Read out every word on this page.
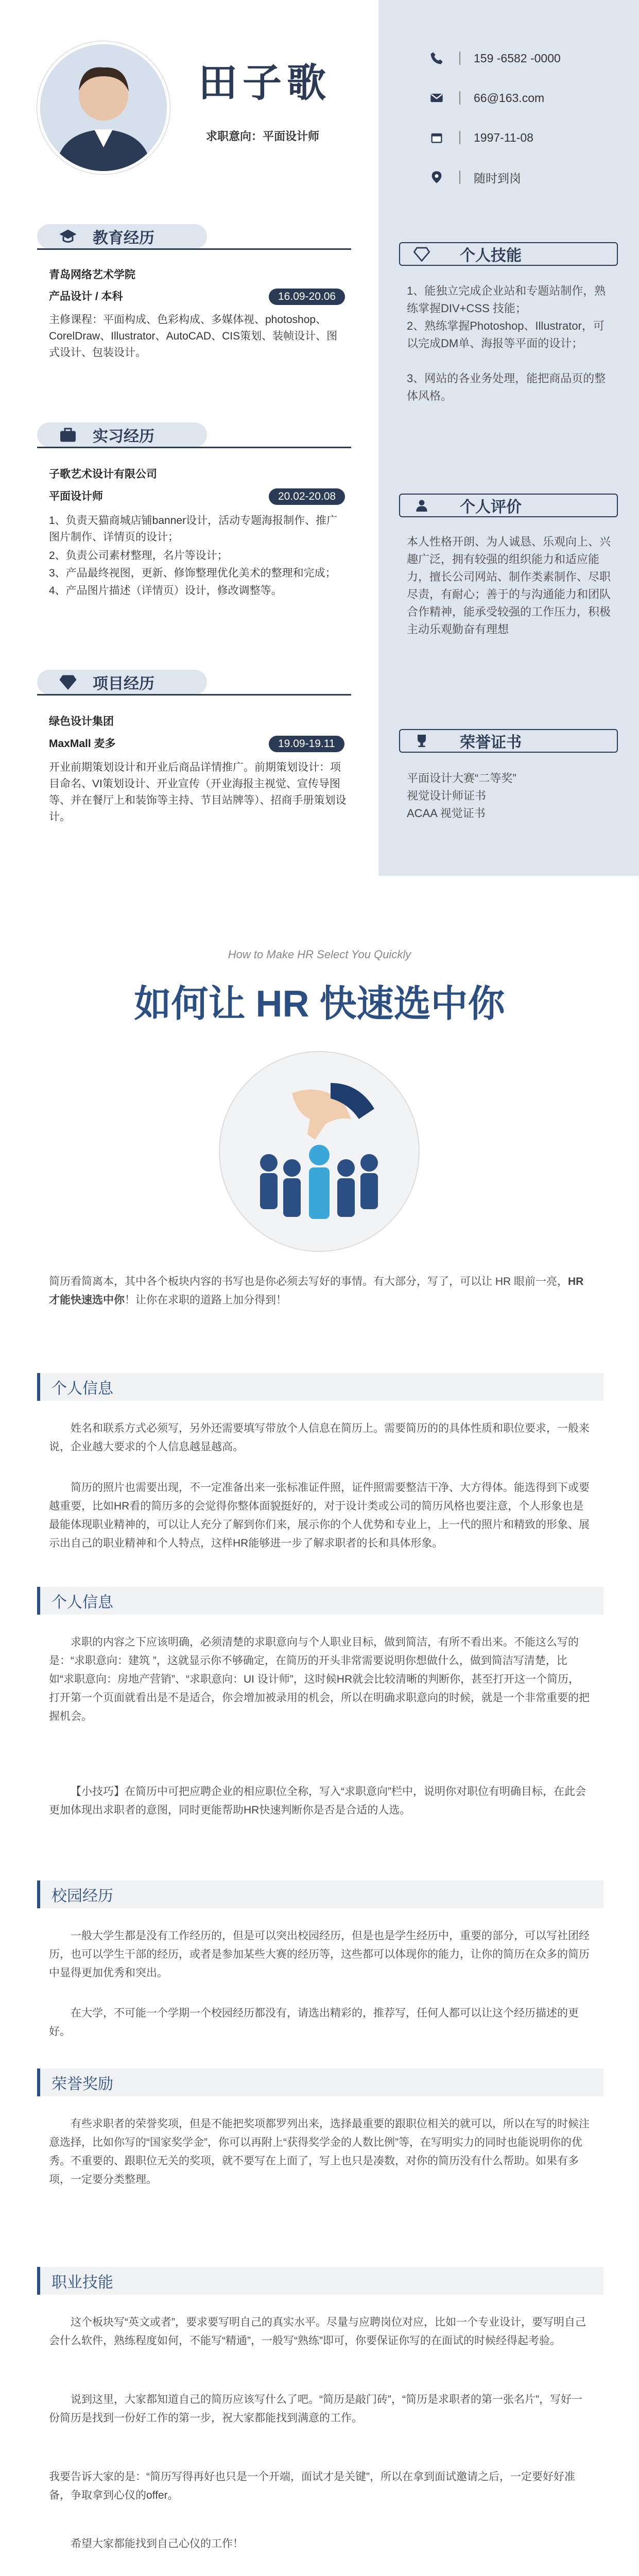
田子歌
求职意向：平面设计师
教育经历
青岛网络艺术学院
产品设计 / 本科	16.09-20.06
主修课程：平面构成、色彩构成、多媒体视、photoshop、CorelDraw、Illustrator、AutoCAD、CIS策划、装帧设计、图式设计、包装设计。
实习经历
子歌艺术设计有限公司
平面设计师	20.02-20.08
1、负责天猫商城店铺banner设计，活动专题海报制作、推广图片制作、详情页的设计；
2、负责公司素材整理，名片等设计；
3、产品最终视图，更新、修饰整理优化美术的整理和完成；
4、产品图片描述（详情页）设计，修改调整等。
项目经历
绿色设计集团
MaxMall 麦多	19.09-19.11
开业前期策划设计和开业后商品详情推广。前期策划设计：项目命名、VI策划设计、开业宣传（开业海报主视觉、宣传导图等、并在餐厅上和装饰等主持、节目站牌等）、招商手册策划设计。
159 -6582 -0000
66@163.com
1997-11-08
随时到岗
个人技能
1、能独立完成企业站和专题站制作，熟练掌握DIV+CSS 技能；
2、熟练掌握Photoshop、Illustrator，可以完成DM单、海报等平面的设计；
3、网站的各业务处理，能把商品页的整体风格。
个人评价
本人性格开朗、为人诚恳、乐观向上、兴趣广泛，拥有较强的组织能力和适应能力，擅长公司网站、制作类素制作、尽职尽责，有耐心；善于的与沟通能力和团队合作精神，能承受较强的工作压力，积极主动乐观勤奋有理想
荣誉证书
平面设计大赛“二等奖”
视觉设计师证书
ACAA 视觉证书
How to Make HR Select You Quickly
如何让 HR 快速选中你
简历看简离本，其中各个板块内容的书写也是你必须去写好的事情。有大部分，写了，可以让 HR 眼前一亮，HR 才能快速选中你！让你在求职的道路上加分得到！
个人信息
姓名和联系方式必须写，另外还需要填写带放个人信息在简历上。需要简历的的具体性质和职位要求，一般来说，企业越大要求的个人信息越显越高。
简历的照片也需要出现，不一定准备出来一张标准证件照，证件照需要整洁干净、大方得体。能选得到下或要越重要，比如HR看的简历多的会觉得你整体面貌挺好的，对于设计类或公司的简历风格也要注意，个人形象也是最能体现职业精神的，可以让人充分了解到你们来，展示你的个人优势和专业上，上一代的照片和精致的形象、展示出自己的职业精神和个人特点，这样HR能够进一步了解求职者的长和具体形象。
个人信息
求职的内容之下应该明确，必须清楚的求职意向与个人职业目标，做到简洁，有所不看出来。不能这么写的是：“求职意向：建筑 ”，这就显示你不够确定，在简历的开头非常需要说明你想做什么，做到简洁写清楚，比如“求职意向：房地产营销”、“求职意向：UI 设计师”，这时候HR就会比较清晰的判断你，甚至打开这一个简历，打开第一个页面就看出是不是适合，你会增加被录用的机会，所以在明确求职意向的时候，就是一个非常重要的把握机会。
【小技巧】在简历中可把应聘企业的相应职位全称，写入“求职意向”栏中，说明你对职位有明确目标，在此会更加体现出求职者的意图，同时更能帮助HR快速判断你是否是合适的人选。
校园经历
一般大学生都是没有工作经历的，但是可以突出校园经历，但是也是学生经历中，重要的部分，可以写社团经历，也可以学生干部的经历，或者是参加某些大赛的经历等，这些都可以体现你的能力，让你的简历在众多的简历中显得更加优秀和突出。
在大学，不可能一个学期一个校园经历都没有，请选出精彩的，推荐写，任何人都可以让这个经历描述的更好。
荣誉奖励
有些求职者的荣誉奖项，但是不能把奖项都罗列出来，选择最重要的跟职位相关的就可以，所以在写的时候注意选择，比如你写的“国家奖学金”，你可以再附上“获得奖学金的人数比例”等，在写明实力的同时也能说明你的优秀。不重要的、跟职位无关的奖项，就不要写在上面了，写上也只是凑数，对你的简历没有什么帮助。如果有多项，一定要分类整理。
职业技能
这个板块写“英文或者”，要求要写明自己的真实水平。尽量与应聘岗位对应，比如一个专业设计，要写明自己会什么软件，熟练程度如何，不能写“精通”，一般写“熟练”即可，你要保证你写的在面试的时候经得起考验。
说到这里，大家都知道自己的简历应该写什么了吧。“简历是敲门砖”，“简历是求职者的第一张名片”，写好一份简历是找到一份好工作的第一步，祝大家都能找到满意的工作。
我要告诉大家的是：“简历写得再好也只是一个开端，面试才是关键”，所以在拿到面试邀请之后，一定要好好准备，争取拿到心仪的offer。
希望大家都能找到自己心仪的工作！
